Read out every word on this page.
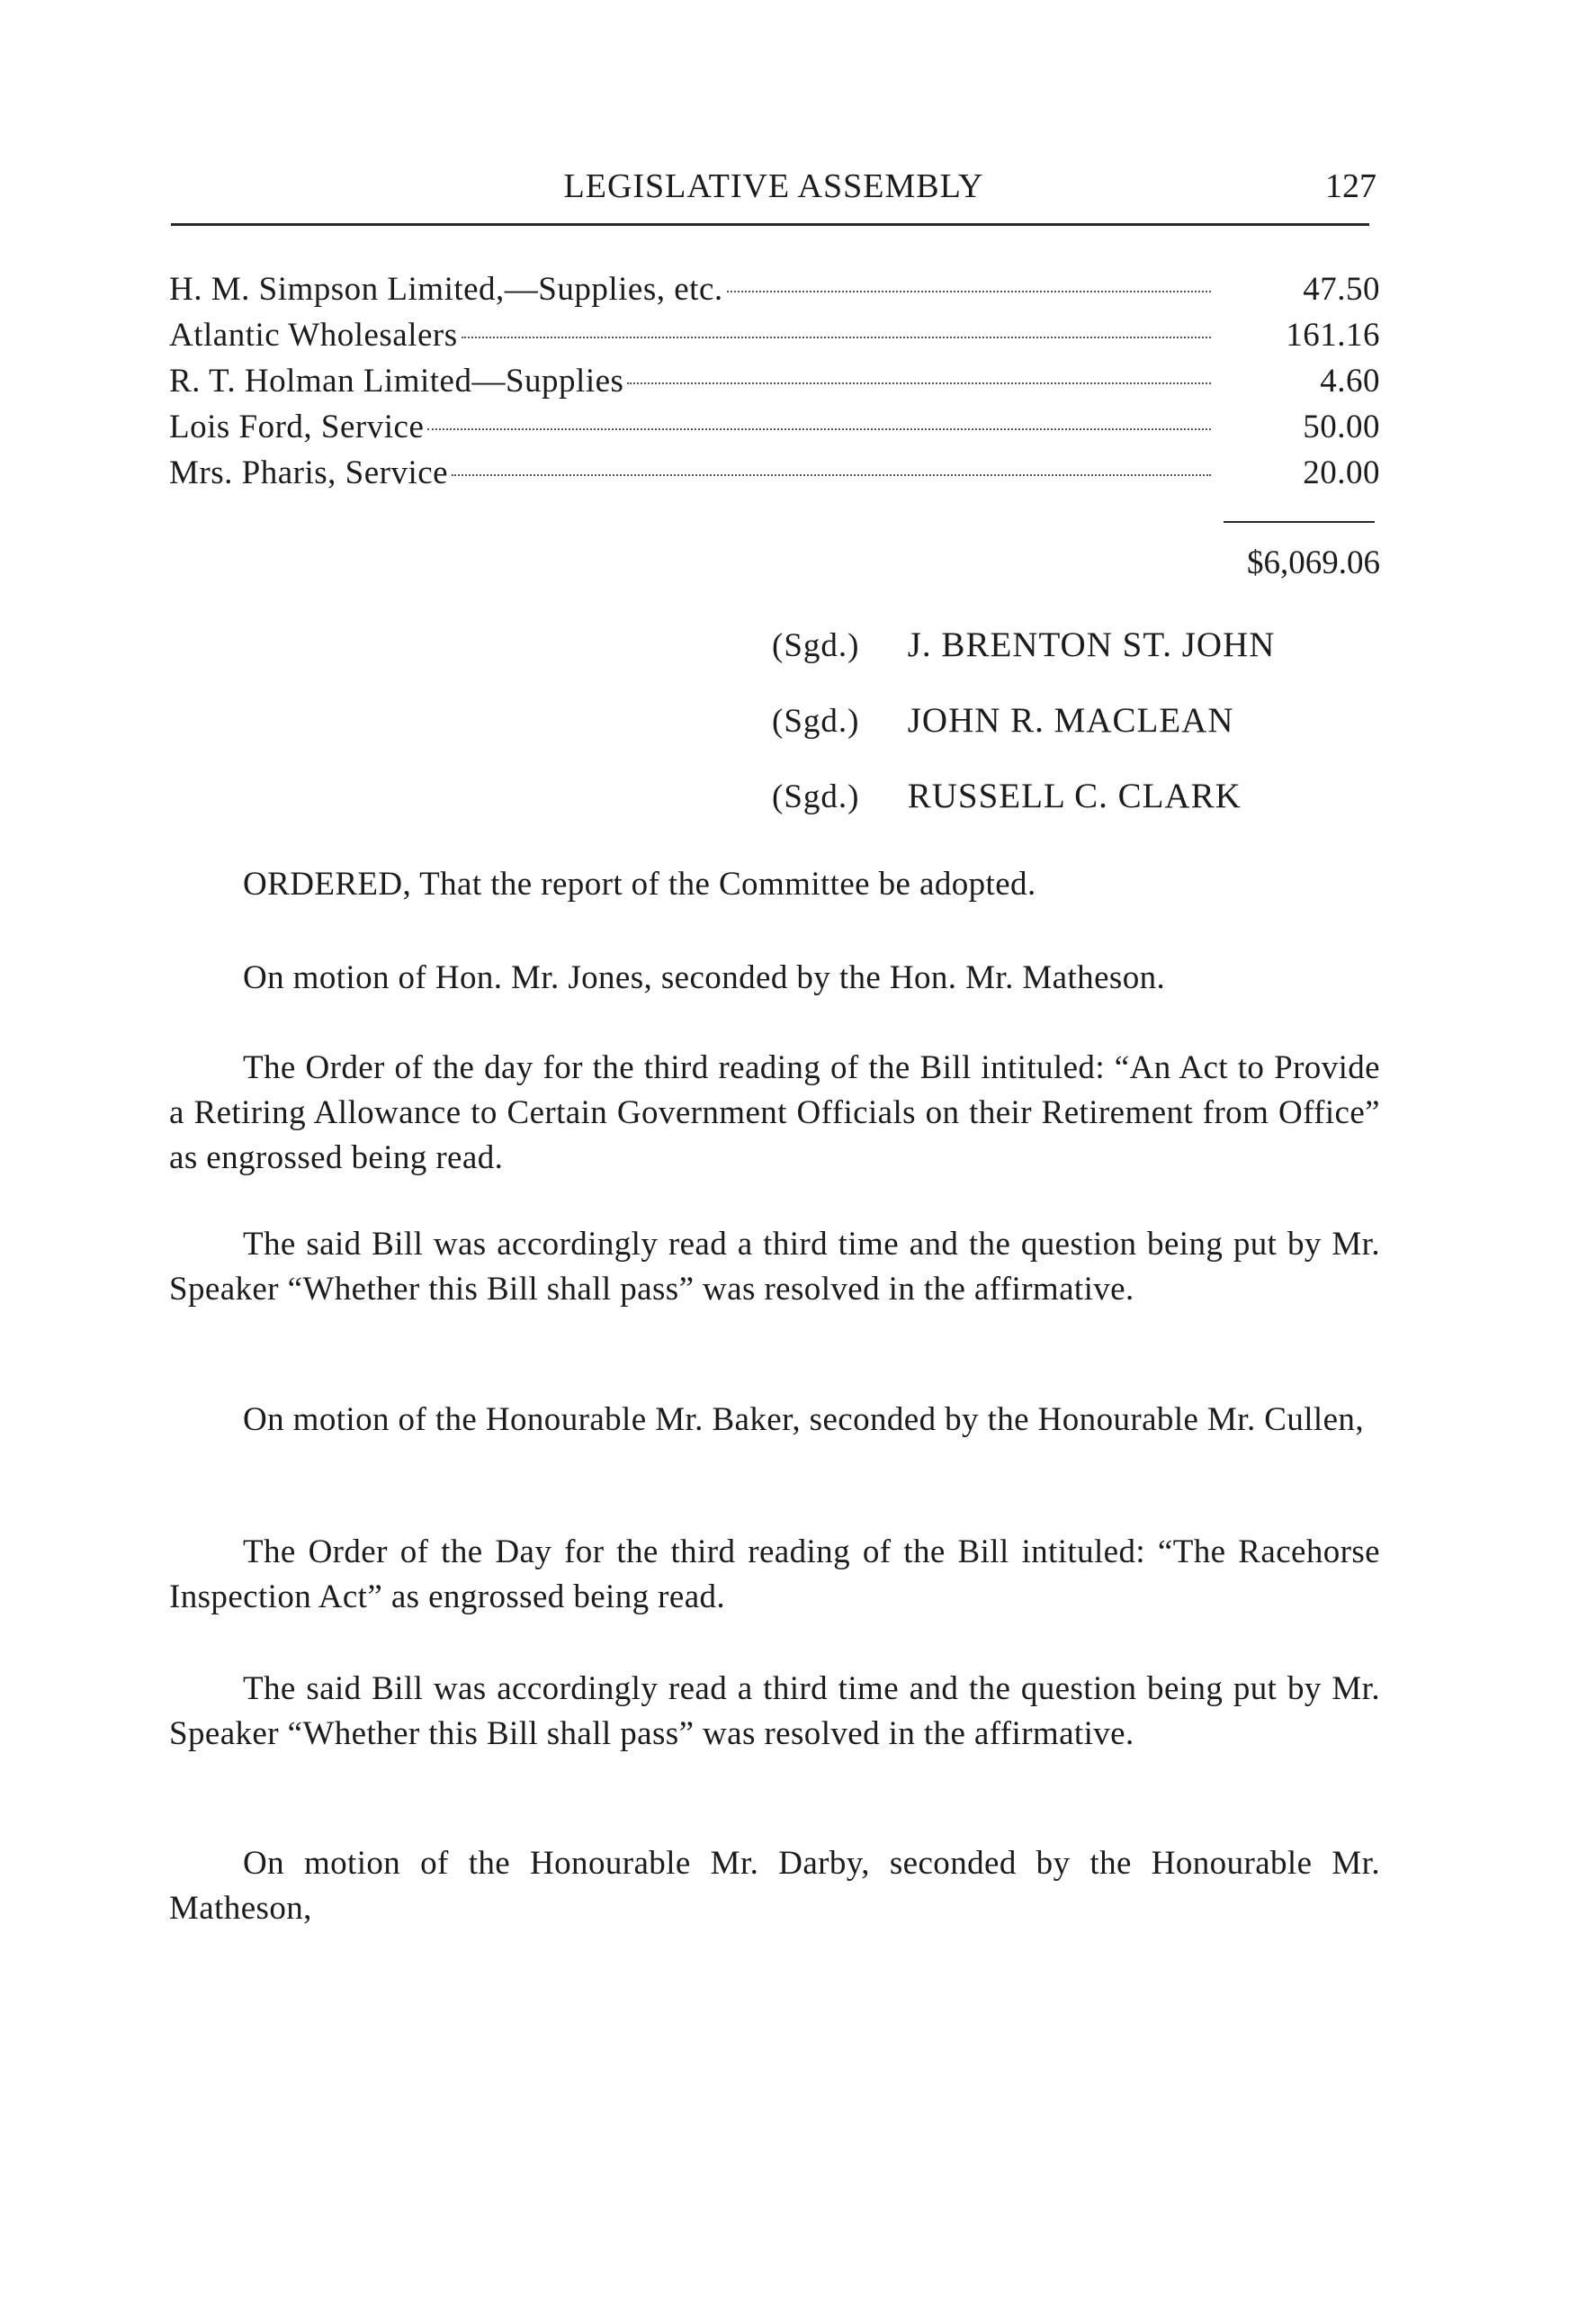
LEGISLATIVE ASSEMBLY	127
H. M. Simpson Limited,—Supplies, etc.	47.50
Atlantic Wholesalers	161.16
R. T. Holman Limited—Supplies	4.60
Lois Ford, Service	50.00
Mrs. Pharis, Service	20.00
$6,069.06
(Sgd.) J. BRENTON ST. JOHN
(Sgd.) JOHN R. MACLEAN
(Sgd.) RUSSELL C. CLARK

ORDERED, That the report of the Committee be adopted.

On motion of Hon. Mr. Jones, seconded by the Hon. Mr. Matheson.

The Order of the day for the third reading of the Bill intituled: “An Act to Provide a Retiring Allowance to Certain Government Officials on their Retirement from Office” as engrossed being read.

The said Bill was accordingly read a third time and the question being put by Mr. Speaker “Whether this Bill shall pass” was resolved in the affirmative.

On motion of the Honourable Mr. Baker, seconded by the Honourable Mr. Cullen,

The Order of the Day for the third reading of the Bill intituled: “The Racehorse Inspection Act” as engrossed being read.

The said Bill was accordingly read a third time and the question being put by Mr. Speaker “Whether this Bill shall pass” was resolved in the affirmative.

On motion of the Honourable Mr. Darby, seconded by the Honourable Mr. Matheson,
